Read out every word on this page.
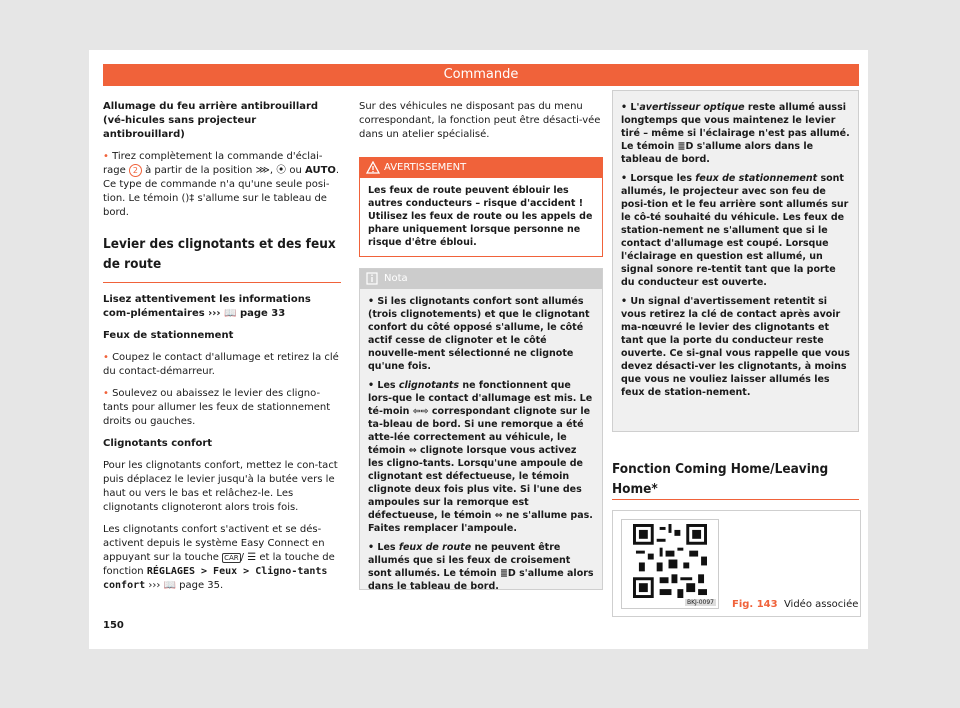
Commande

Allumage du feu arrière antibrouillard (vé-hicules sans projecteur antibrouillard)

• Tirez complètement la commande d'éclai-rage 2 à partir de la position ⋙, ⦿ ou AUTO. Ce type de commande n'a qu'une seule posi-tion. Le témoin ()‡ s'allume sur le tableau de bord.

Levier des clignotants et des feux de route

Lisez attentivement les informations com-plémentaires ››› 📖 page 33

Feux de stationnement

• Coupez le contact d'allumage et retirez la clé du contact-démarreur.

• Soulevez ou abaissez le levier des cligno-tants pour allumer les feux de stationnement droits ou gauches.

Clignotants confort

Pour les clignotants confort, mettez le con-tact puis déplacez le levier jusqu'à la butée vers le haut ou vers le bas et relâchez-le. Les clignotants clignoteront alors trois fois.

Les clignotants confort s'activent et se dés-activent depuis le système Easy Connect en appuyant sur la touche CAR / ☰ et la touche de fonction RÉGLAGES > Feux > Cligno-tants confort ››› 📖 page 35.

Sur des véhicules ne disposant pas du menu correspondant, la fonction peut être désacti-vée dans un atelier spécialisé.

AVERTISSEMENT
Les feux de route peuvent éblouir les autres conducteurs – risque d'accident ! Utilisez les feux de route ou les appels de phare uniquement lorsque personne ne risque d'être ébloui.
Nota

• Si les clignotants confort sont allumés (trois clignotements) et que le clignotant confort du côté opposé s'allume, le côté actif cesse de clignoter et le côté nouvelle-ment sélectionné ne clignote qu'une fois.

• Les clignotants ne fonctionnent que lors-que le contact d'allumage est mis. Le té-moin ⇦⇨ correspondant clignote sur le ta-bleau de bord. Si une remorque a été atte-lée correctement au véhicule, le témoin ⇔ clignote lorsque vous activez les cligno-tants. Lorsqu'une ampoule de clignotant est défectueuse, le témoin clignote deux fois plus vite. Si l'une des ampoules sur la remorque est défectueuse, le témoin ⇔ ne s'allume pas. Faites remplacer l'ampoule.

• Les feux de route ne peuvent être allumés que si les feux de croisement sont allumés. Le témoin ≣D s'allume alors dans le tableau de bord.

• L'avertisseur optique reste allumé aussi longtemps que vous maintenez le levier tiré – même si l'éclairage n'est pas allumé. Le témoin ≣D s'allume alors dans le tableau de bord.

• Lorsque les feux de stationnement sont allumés, le projecteur avec son feu de posi-tion et le feu arrière sont allumés sur le cô-té souhaité du véhicule. Les feux de station-nement ne s'allument que si le contact d'allumage est coupé. Lorsque l'éclairage en question est allumé, un signal sonore re-tentit tant que la porte du conducteur est ouverte.

• Un signal d'avertissement retentit si vous retirez la clé de contact après avoir ma-nœuvré le levier des clignotants et tant que la porte du conducteur reste ouverte. Ce si-gnal vous rappelle que vous devez désacti-ver les clignotants, à moins que vous ne vouliez laisser allumés les feux de station-nement.

Fonction Coming Home/Leaving Home*
BKJ-0097 Fig. 143 Vidéo associée
150
